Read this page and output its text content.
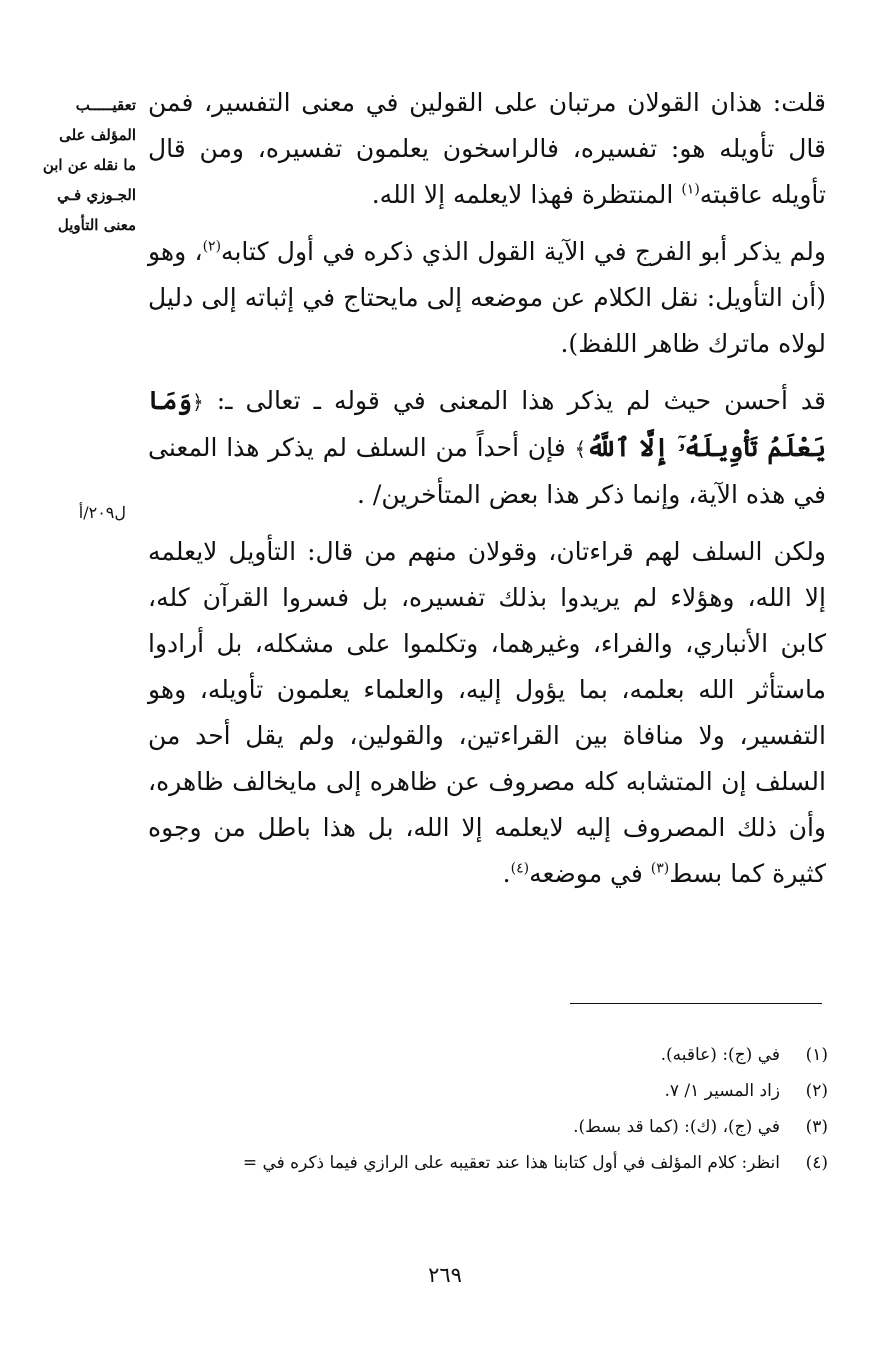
تعقيـــــب
المؤلف على
ما نقله عن ابن
الجـوزي فـي
معنى التأويل
ل٢٠٩/أ

قلت: هذان القولان مرتبان على القولين في معنى التفسير، فمن قال تأويله هو: تفسيره، فالراسخون يعلمون تفسيره، ومن قال تأويله عاقبته$^{(١)}$ المنتظرة فهذا لايعلمه إلا الله.

ولم يذكر أبو الفرج في الآية القول الذي ذكره في أول كتابه$^{(٢)}$، وهو (أن التأويل: نقل الكلام عن موضعه إلى مايحتاج في إثباته إلى دليل لولاه ماترك ظاهر اللفظ).

قد أحسن حيث لم يذكر هذا المعنى في قوله ـ تعالى ـ: ﴿وَمَا يَعْلَمُ تَأْوِيلَهُۥٓ إِلَّا ٱللَّهُ﴾ فإن أحداً من السلف لم يذكر هذا المعنى في هذه الآية، وإنما ذكر هذا بعض المتأخرين/ .

ولكن السلف لهم قراءتان، وقولان منهم من قال: التأويل لايعلمه إلا الله، وهؤلاء لم يريدوا بذلك تفسيره، بل فسروا القرآن كله، كابن الأنباري، والفراء، وغيرهما، وتكلموا على مشكله، بل أرادوا ماستأثر الله بعلمه، بما يؤول إليه، والعلماء يعلمون تأويله، وهو التفسير، ولا منافاة بين القراءتين، والقولين، ولم يقل أحد من السلف إن المتشابه كله مصروف عن ظاهره إلى مايخالف ظاهره، وأن ذلك المصروف إليه لايعلمه إلا الله، بل هذا باطل من وجوه كثيرة كما بسط$^{(٣)}$ في موضعه$^{(٤)}$.

(١)
في (ج): (عاقبه).
(٢)
زاد المسير ١/ ٧.
(٣)
في (ج)، (ك): (كما قد بسط).
(٤)
انظر: كلام المؤلف في أول كتابنا هذا عند تعقيبه على الرازي فيما ذكره في =
٢٦٩
